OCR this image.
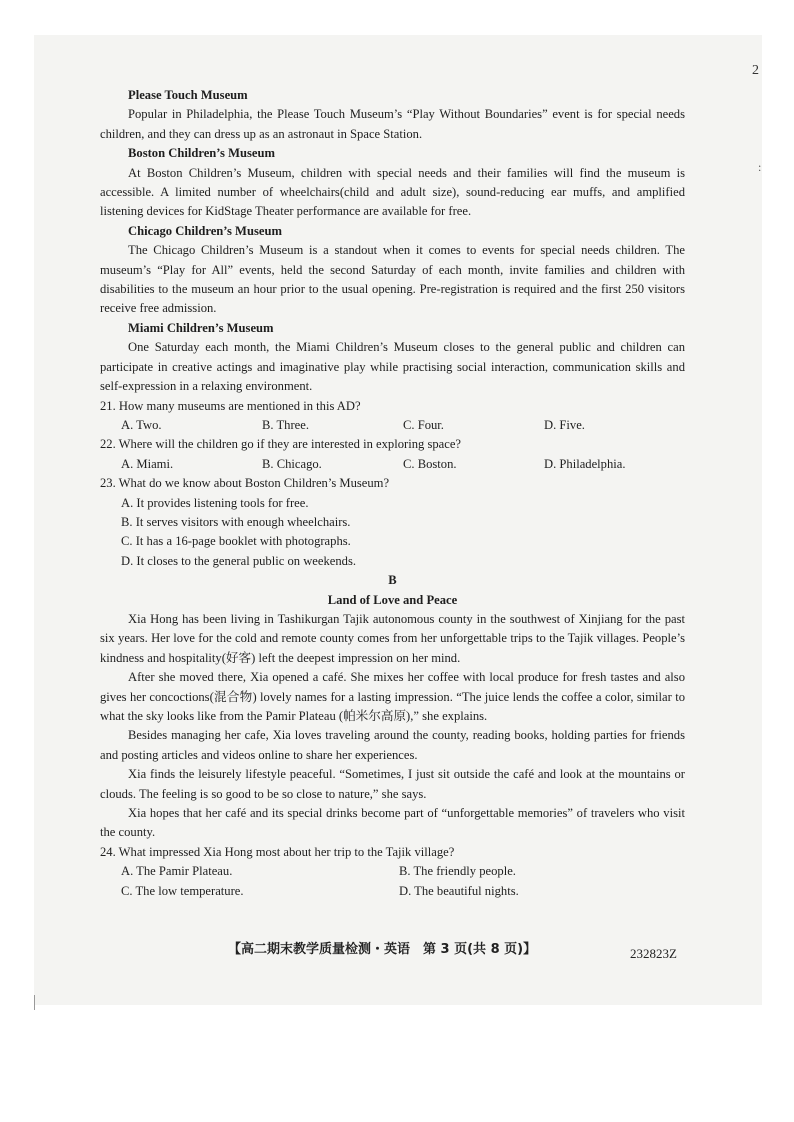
2
:
Please Touch Museum
Popular in Philadelphia, the Please Touch Museum’s “Play Without Boundaries” event is for special needs children, and they can dress up as an astronaut in Space Station.
Boston Children’s Museum
At Boston Children’s Museum, children with special needs and their families will find the museum is accessible. A limited number of wheelchairs(child and adult size), sound-reducing ear muffs, and amplified listening devices for KidStage Theater performance are available for free.
Chicago Children’s Museum
The Chicago Children’s Museum is a standout when it comes to events for special needs children. The museum’s “Play for All” events, held the second Saturday of each month, invite families and children with disabilities to the museum an hour prior to the usual opening. Pre-registration is required and the first 250 visitors receive free admission.
Miami Children’s Museum
One Saturday each month, the Miami Children’s Museum closes to the general public and children can participate in creative actings and imaginative play while practising social interaction, communication skills and self-expression in a relaxing environment.
21. How many museums are mentioned in this AD?
A. Two.	B. Three.	C. Four.	D. Five.
22. Where will the children go if they are interested in exploring space?
A. Miami.	B. Chicago.	C. Boston.	D. Philadelphia.
23. What do we know about Boston Children’s Museum?
A. It provides listening tools for free.
B. It serves visitors with enough wheelchairs.
C. It has a 16-page booklet with photographs.
D. It closes to the general public on weekends.
B
Land of Love and Peace
Xia Hong has been living in Tashikurgan Tajik autonomous county in the southwest of Xinjiang for the past six years. Her love for the cold and remote county comes from her unforgettable trips to the Tajik villages. People’s kindness and hospitality(好客) left the deepest impression on her mind.
After she moved there, Xia opened a café. She mixes her coffee with local produce for fresh tastes and also gives her concoctions(混合物) lovely names for a lasting impression. “The juice lends the coffee a color, similar to what the sky looks like from the Pamir Plateau (帕米尔高原),” she explains.
Besides managing her cafe, Xia loves traveling around the county, reading books, holding parties for friends and posting articles and videos online to share her experiences.
Xia finds the leisurely lifestyle peaceful. “Sometimes, I just sit outside the café and look at the mountains or clouds. The feeling is so good to be so close to nature,” she says.
Xia hopes that her café and its special drinks become part of “unforgettable memories” of travelers who visit the county.
24. What impressed Xia Hong most about her trip to the Tajik village?
A. The Pamir Plateau.	B. The friendly people.
C. The low temperature.	D. The beautiful nights.
【高二期末教学质量检测・英语　第 3 页(共 8 页)】	232823Z
